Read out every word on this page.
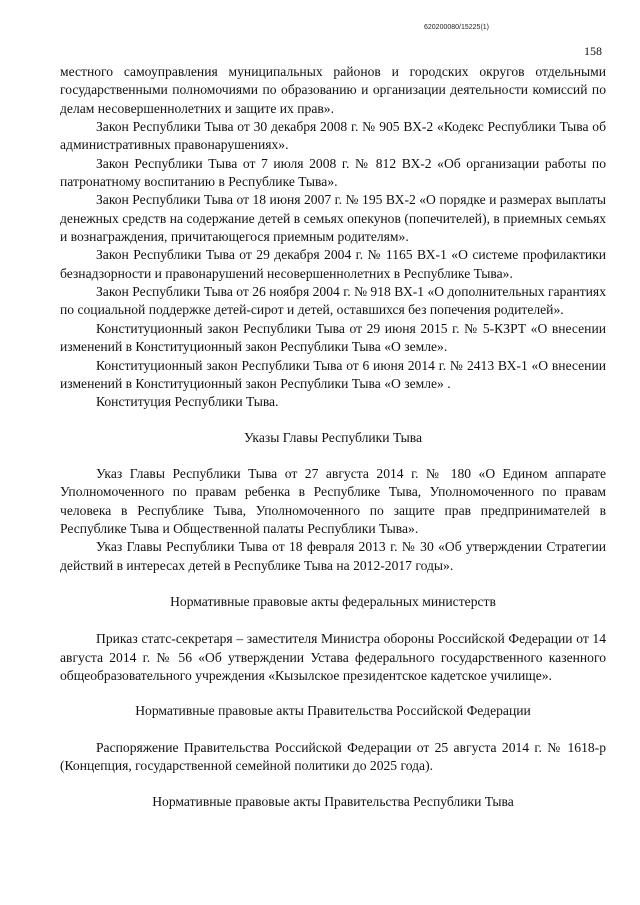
620200080/15225(1)
158

местного самоуправления муниципальных районов и городских округов отдельными государственными полномочиями по образованию и организации деятельности комиссий по делам несовершеннолетних и защите их прав».

Закон Республики Тыва от 30 декабря 2008 г. № 905 ВХ-2 «Кодекс Республики Тыва об административных правонарушениях».

Закон Республики Тыва от 7 июля 2008 г. № 812 ВХ-2 «Об организации работы по патронатному воспитанию в Республике Тыва».

Закон Республики Тыва от 18 июня 2007 г. № 195 ВХ-2 «О порядке и размерах выплаты денежных средств на содержание детей в семьях опекунов (попечителей), в приемных семьях и вознаграждения, причитающегося приемным родителям».

Закон Республики Тыва от 29 декабря 2004 г. № 1165 ВХ-1 «О системе профилактики безнадзорности и правонарушений несовершеннолетних в Республике Тыва».

Закон Республики Тыва от 26 ноября 2004 г. № 918 ВХ-1 «О дополнительных гарантиях по социальной поддержке детей-сирот и детей, оставшихся без попечения родителей».

Конституционный закон Республики Тыва от 29 июня 2015 г. № 5-КЗРТ «О внесении изменений в Конституционный закон Республики Тыва «О земле».

Конституционный закон Республики Тыва от 6 июня 2014 г. № 2413 ВХ-1 «О внесении изменений в Конституционный закон Республики Тыва «О земле» .

Конституция Республики Тыва.

Указы Главы Республики Тыва

Указ Главы Республики Тыва от 27 августа 2014 г. № 180 «О Едином аппарате Уполномоченного по правам ребенка в Республике Тыва, Уполномоченного по правам человека в Республике Тыва, Уполномоченного по защите прав предпринимателей в Республике Тыва и Общественной палаты Республики Тыва».

Указ Главы Республики Тыва от 18 февраля 2013 г. № 30 «Об утверждении Стратегии действий в интересах детей в Республике Тыва на 2012-2017 годы».

Нормативные правовые акты федеральных министерств

Приказ статс-секретаря – заместителя Министра обороны Российской Федерации от 14 августа 2014 г. № 56 «Об утверждении Устава федерального государственного казенного общеобразовательного учреждения «Кызылское президентское кадетское училище».

Нормативные правовые акты Правительства Российской Федерации

Распоряжение Правительства Российской Федерации от 25 августа 2014 г. № 1618-р (Концепция, государственной семейной политики до 2025 года).

Нормативные правовые акты Правительства Республики Тыва
